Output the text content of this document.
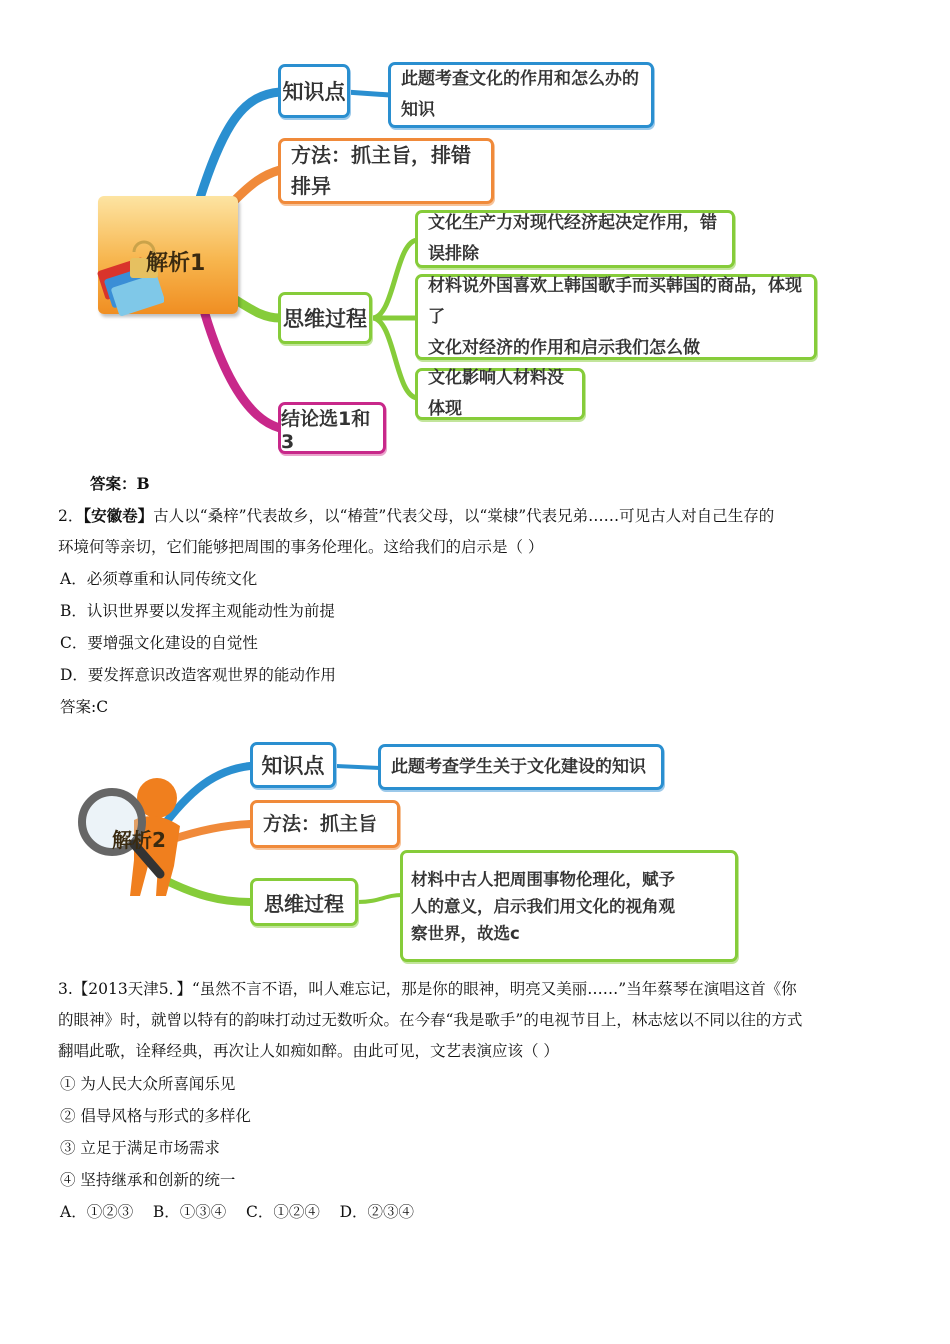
解析1
知识点
此题考查文化的作用和怎么办的知识
方法：抓主旨，排错排异
思维过程
文化生产力对现代经济起决定作用，错误排除
材料说外国喜欢上韩国歌手而买韩国的商品，体现了
文化对经济的作用和启示我们怎么做
文化影响人材料没体现
结论选1和3
答案：B
2．【安徽卷】古人以“桑梓”代表故乡，以“椿萱”代表父母，以“棠棣”代表兄弟……可见古人对自己生存的
环境何等亲切，它们能够把周围的事务伦理化。这给我们的启示是（ ）
A．必须尊重和认同传统文化
B．认识世界要以发挥主观能动性为前提
C．要增强文化建设的自觉性
D．要发挥意识改造客观世界的能动作用
答案:C
解析2
知识点	此题考查学生关于文化建设的知识
方法：抓主旨
思维过程
材料中古人把周围事物伦理化，赋予
人的意义，启示我们用文化的视角观
察世界，故选c
3.【2013天津5．】“虽然不言不语，叫人难忘记，那是你的眼神，明亮又美丽……”当年蔡琴在演唱这首《你
的眼神》时，就曾以特有的韵味打动过无数听众。在今春“我是歌手”的电视节目上，林志炫以不同以往的方式
翻唱此歌，诠释经典，再次让人如痴如醉。由此可见，文艺表演应该（ ）
① 为人民大众所喜闻乐见
② 倡导风格与形式的多样化
③ 立足于满足市场需求
④ 坚持继承和创新的统一
A．①②③    B．①③④    C．①②④    D．②③④
